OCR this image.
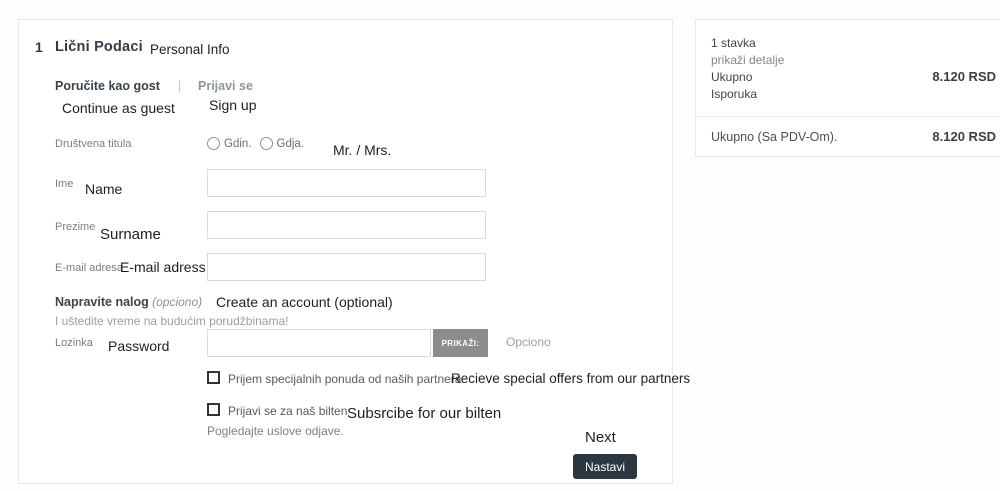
1 Lični Podaci Personal Info
Poručite kao gost | Prijavi se
Continue as guest Sign up
Društvena titula	Gdin. Gdja. Mr. / Mrs.
Ime Name
Prezime Surname
E-mail adresa
E-mail adress
Napravite nalog (opciono) Create an account (optional)
I uštedite vreme na budućim porudžbinama!
Lozinka Password	PRIKAŽI:	Opciono
Prijem specijalnih ponuda od naših partnera
Recieve special offers from our partners
Prijavi se za naš bilten Subsrcibe for our bilten
Pogledajte uslove odjave.	Next
Nastavi
1 stavka
prikaži detalje
Ukupno	8.120 RSD
Isporuka
Ukupno (Sa PDV-Om).	8.120 RSD
